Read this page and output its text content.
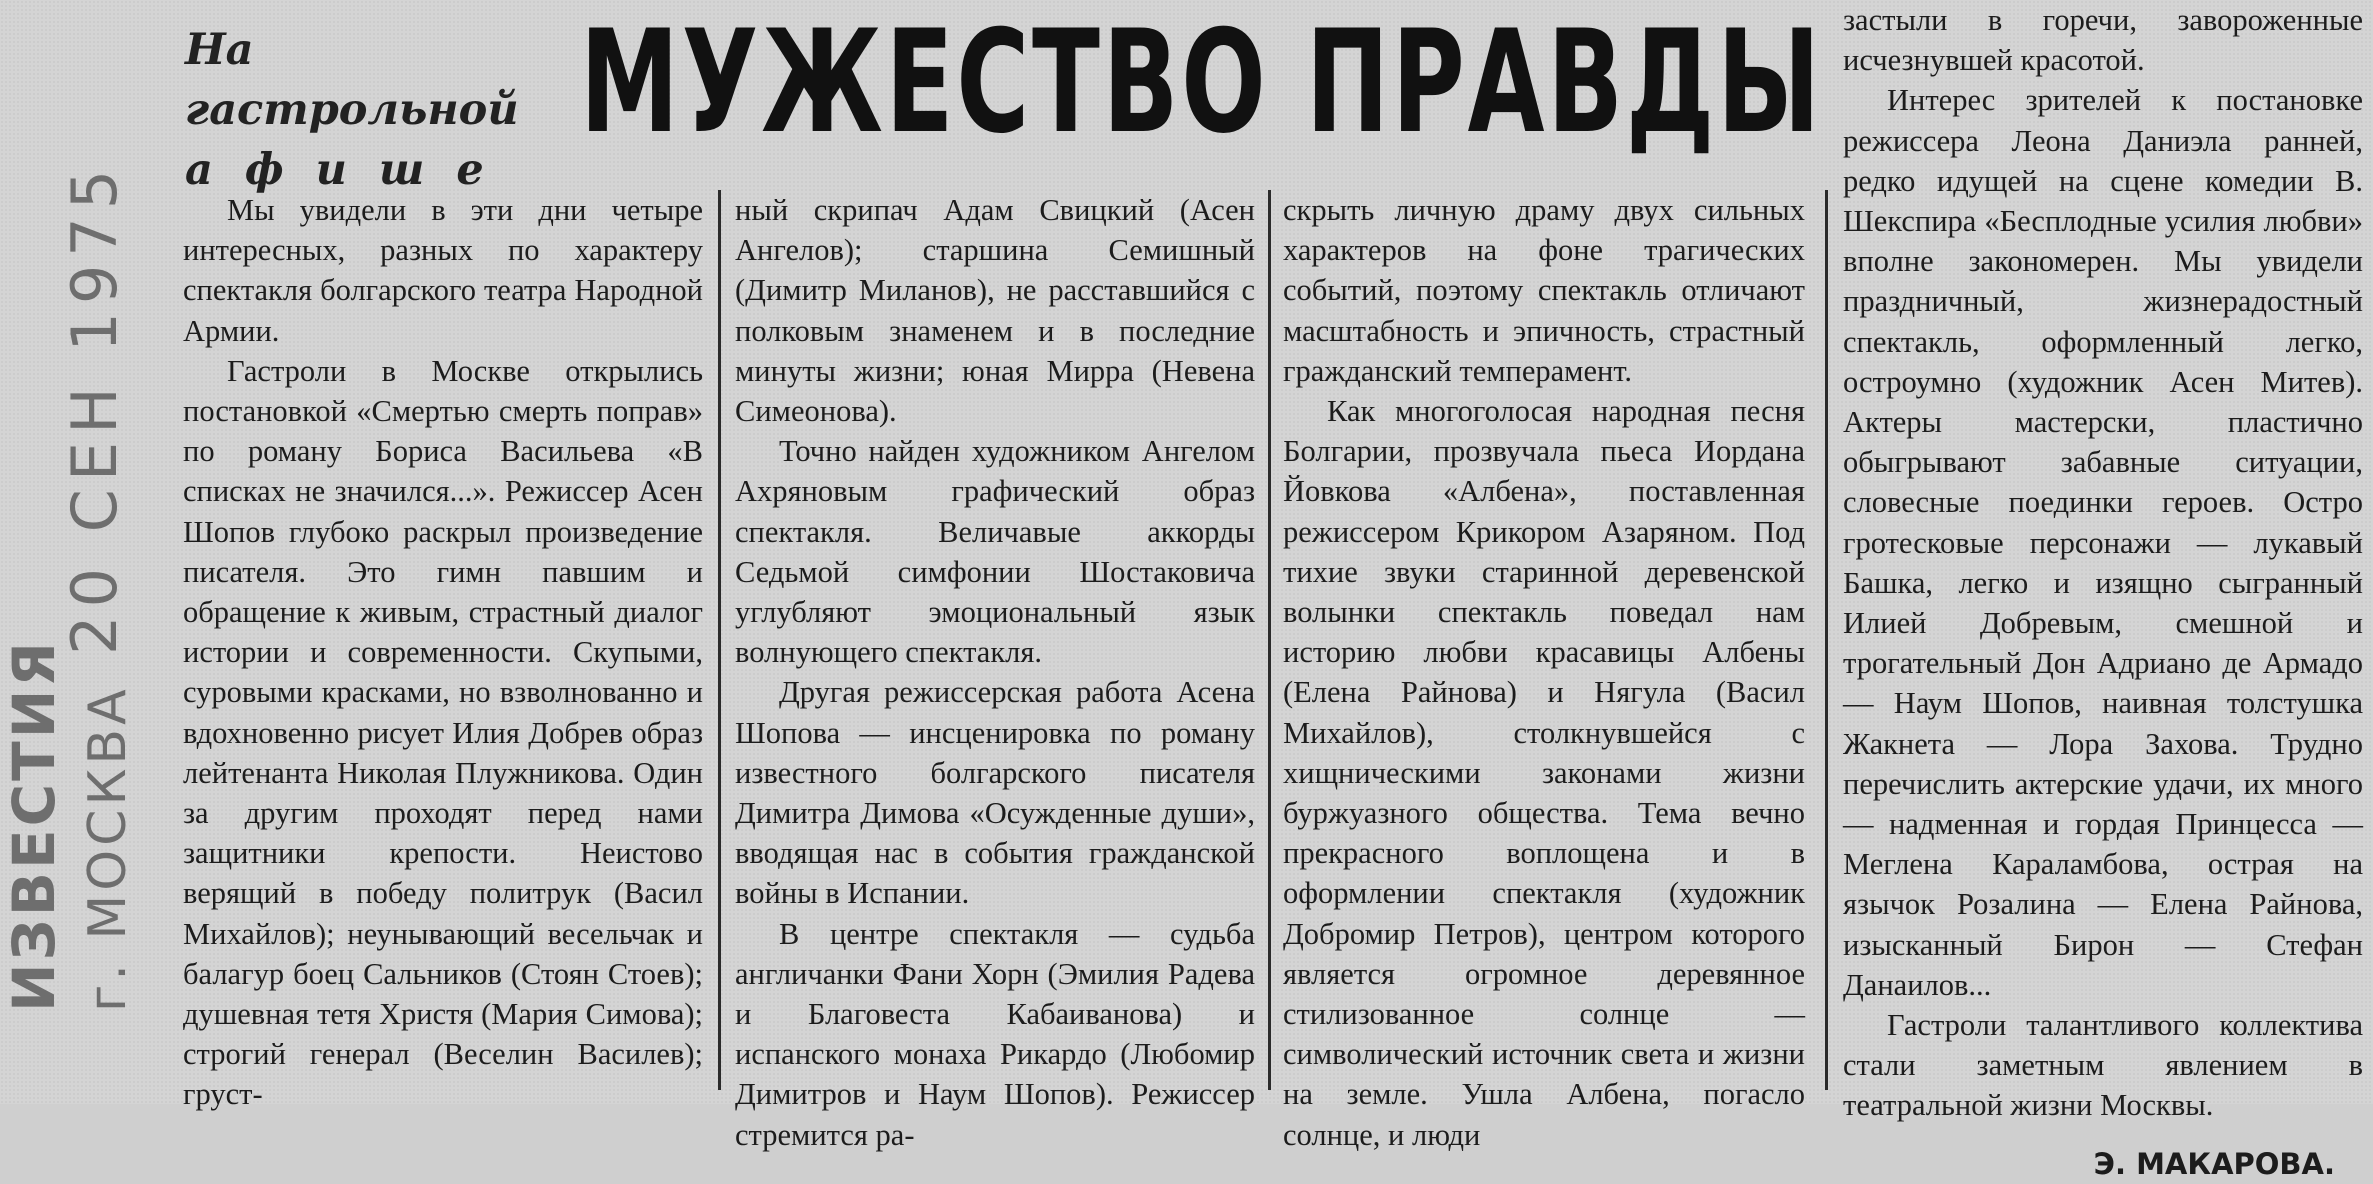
20 СЕН 1975
ИЗВЕСТИЯ г. МОСКВА
На гастрольной
афише
МУЖЕСТВО ПРАВДЫ

Мы увидели в эти дни четыре интересных, разных по характеру спектакля болгарского театра Народной Армии.

Гастроли в Москве открылись постановкой «Смертью смерть поправ» по роману Бориса Васильева «В списках не значился...». Режиссер Асен Шопов глубоко раскрыл произведение писателя. Это гимн павшим и обращение к живым, страстный диалог истории и современности. Скупыми, суровыми красками, но взволнованно и вдохновенно рисует Илия Добрев образ лейтенанта Николая Плужникова. Один за другим проходят перед нами защитники крепости. Неистово верящий в победу политрук (Васил Михайлов); неунывающий весельчак и балагур боец Сальников (Стоян Стоев); душевная тетя Христя (Мария Симова); строгий генерал (Веселин Василев); груст-

ный скрипач Адам Свицкий (Асен Ангелов); старшина Семишный (Димитр Миланов), не расставшийся с полковым знаменем и в последние минуты жизни; юная Мирра (Невена Симеонова).

Точно найден художником Ангелом Ахряновым графический образ спектакля. Величавые аккорды Седьмой симфонии Шостаковича углубляют эмоциональный язык волнующего спектакля.

Другая режиссерская работа Асена Шопова — инсценировка по роману известного болгарского писателя Димитра Димова «Осужденные души», вводящая нас в события гражданской войны в Испании.

В центре спектакля — судьба англичанки Фани Хорн (Эмилия Радева и Благовеста Кабаиванова) и испанского монаха Рикардо (Любомир Димитров и Наум Шопов). Режиссер стремится ра-

скрыть личную драму двух сильных характеров на фоне трагических событий, поэтому спектакль отличают масштабность и эпичность, страстный гражданский темперамент.

Как многоголосая народная песня Болгарии, прозвучала пьеса Иордана Йовкова «Албена», поставленная режиссером Крикором Азаряном. Под тихие звуки старинной деревенской волынки спектакль поведал нам историю любви красавицы Албены (Елена Райнова) и Нягула (Васил Михайлов), столкнувшейся с хищническими законами жизни буржуазного общества. Тема вечно прекрасного воплощена и в оформлении спектакля (художник Добромир Петров), центром которого является огромное деревянное стилизованное солнце — символический источник света и жизни на земле. Ушла Албена, погасло солнце, и люди

застыли в горечи, завороженные исчезнувшей красотой.

Интерес зрителей к постановке режиссера Леона Даниэла ранней, редко идущей на сцене комедии В. Шекспира «Бесплодные усилия любви» вполне закономерен. Мы увидели праздничный, жизнерадостный спектакль, оформленный легко, остроумно (художник Асен Митев). Актеры мастерски, пластично обыгрывают забавные ситуации, словесные поединки героев. Остро гротесковые персонажи — лукавый Башка, легко и изящно сыгранный Илией Добревым, смешной и трогательный Дон Адриано де Армадо — Наум Шопов, наивная толстушка Жакнета — Лора Захова. Трудно перечислить актерские удачи, их много — надменная и гордая Принцесса — Меглена Караламбова, острая на язычок Розалина — Елена Райнова, изысканный Бирон — Стефан Данаилов...

Гастроли талантливого коллектива стали заметным явлением в театральной жизни Москвы.

Э. МАКАРОВА.
